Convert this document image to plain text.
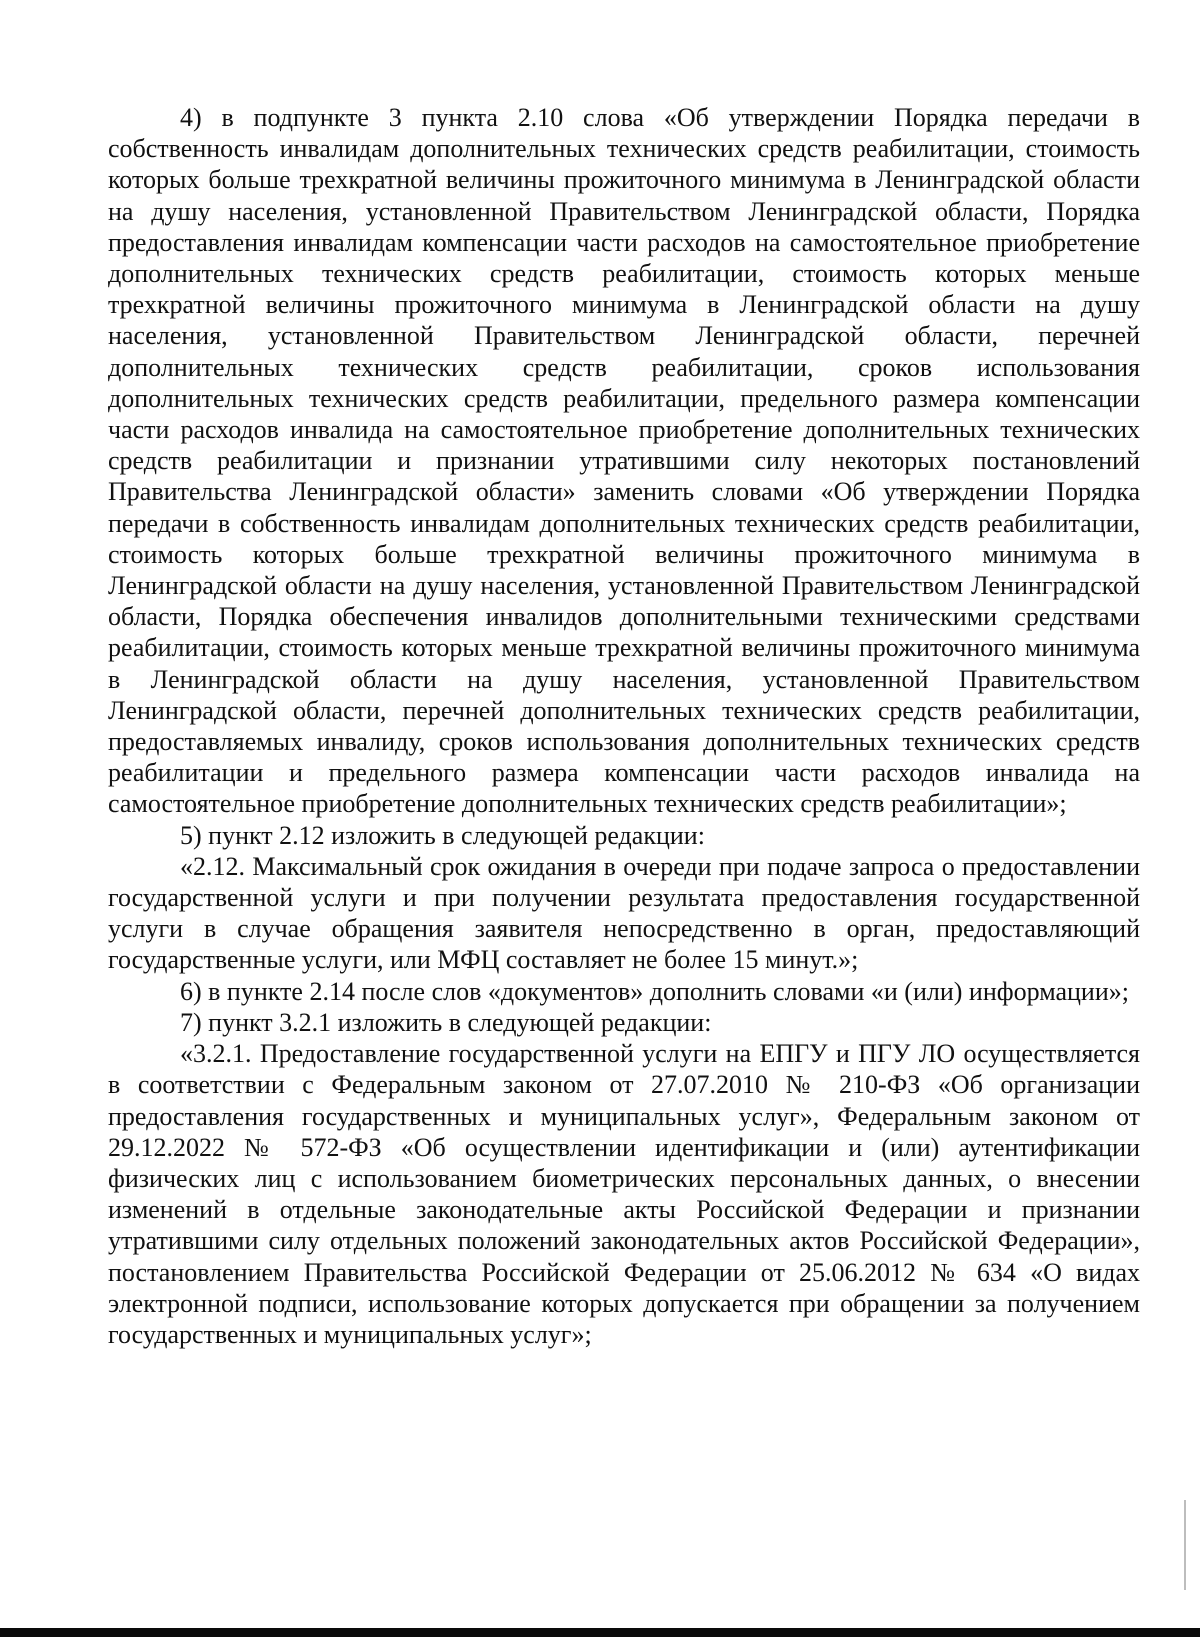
4) в подпункте 3 пункта 2.10 слова «Об утверждении Порядка передачи в собственность инвалидам дополнительных технических средств реабилитации, стоимость которых больше трехкратной величины прожиточного минимума в Ленинградской области на душу населения, установленной Правительством Ленинградской области, Порядка предоставления инвалидам компенсации части расходов на самостоятельное приобретение дополнительных технических средств реабилитации, стоимость которых меньше трехкратной величины прожиточного минимума в Ленинградской области на душу населения, установленной Правительством Ленинградской области, перечней дополнительных технических средств реабилитации, сроков использования дополнительных технических средств реабилитации, предельного размера компенсации части расходов инвалида на самостоятельное приобретение дополнительных технических средств реабилитации и признании утратившими силу некоторых постановлений Правительства Ленинградской области» заменить словами «Об утверждении Порядка передачи в собственность инвалидам дополнительных технических средств реабилитации, стоимость которых больше трехкратной величины прожиточного минимума в Ленинградской области на душу населения, установленной Правительством Ленинградской области, Порядка обеспечения инвалидов дополнительными техническими средствами реабилитации, стоимость которых меньше трехкратной величины прожиточного минимума в Ленинградской области на душу населения, установленной Правительством Ленинградской области, перечней дополнительных технических средств реабилитации, предоставляемых инвалиду, сроков использования дополнительных технических средств реабилитации и предельного размера компенсации части расходов инвалида на самостоятельное приобретение дополнительных технических средств реабилитации»;

5) пункт 2.12 изложить в следующей редакции:

«2.12. Максимальный срок ожидания в очереди при подаче запроса о предоставлении государственной услуги и при получении результата предоставления государственной услуги в случае обращения заявителя непосредственно в орган, предоставляющий государственные услуги, или МФЦ составляет не более 15 минут.»;

6) в пункте 2.14 после слов «документов» дополнить словами «и (или) информации»;

7) пункт 3.2.1 изложить в следующей редакции:

«3.2.1. Предоставление государственной услуги на ЕПГУ и ПГУ ЛО осуществляется в соответствии с Федеральным законом от 27.07.2010 № 210-ФЗ «Об организации предоставления государственных и муниципальных услуг», Федеральным законом от 29.12.2022 № 572-ФЗ «Об осуществлении идентификации и (или) аутентификации физических лиц с использованием биометрических персональных данных, о внесении изменений в отдельные законодательные акты Российской Федерации и признании утратившими силу отдельных положений законодательных актов Российской Федерации», постановлением Правительства Российской Федерации от 25.06.2012 № 634 «О видах электронной подписи, использование которых допускается при обращении за получением государственных и муниципальных услуг»;
